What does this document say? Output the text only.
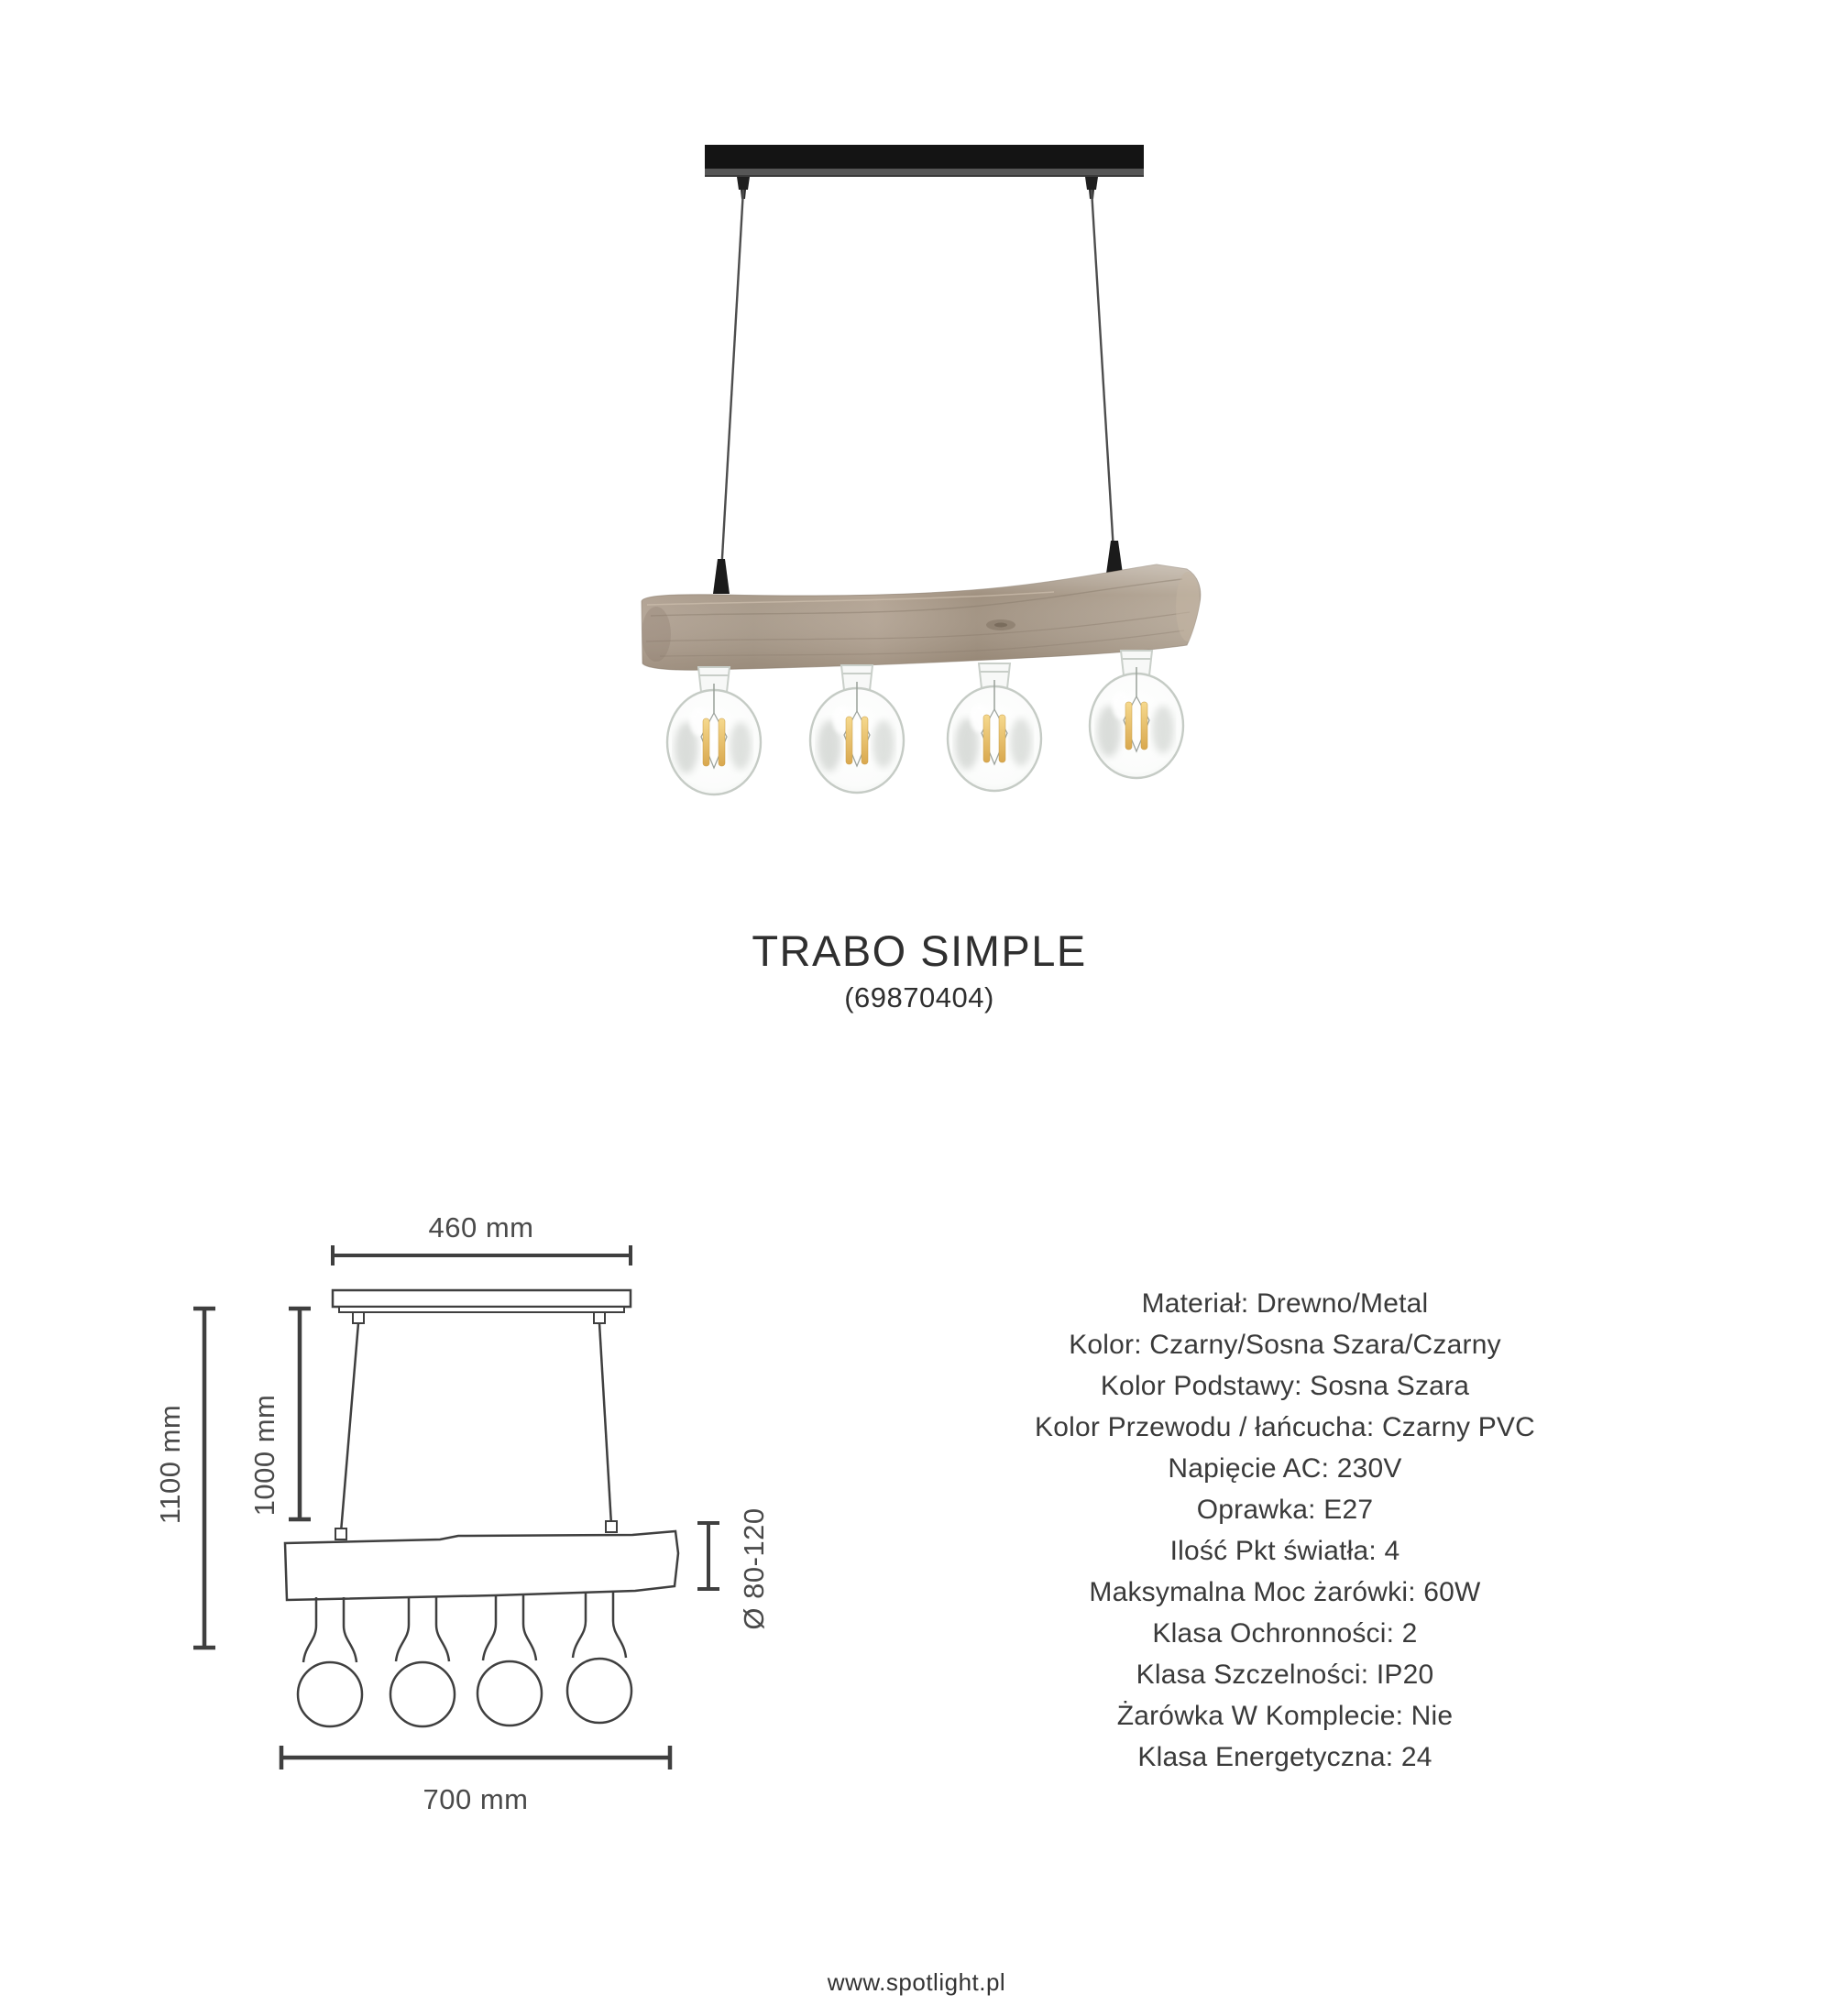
460 mm
1100 mm 1000 mm
Ø 80-120
700 mm
TRABO SIMPLE
(69870404)
Materiał: Drewno/Metal
Kolor: Czarny/Sosna Szara/Czarny
Kolor Podstawy: Sosna Szara
Kolor Przewodu / łańcucha: Czarny PVC
Napięcie AC: 230V
Oprawka: E27
Ilość Pkt światła: 4
Maksymalna Moc żarówki: 60W
Klasa Ochronności: 2
Klasa Szczelności: IP20
Żarówka W Komplecie: Nie
Klasa Energetyczna: 24
www.spotlight.pl
